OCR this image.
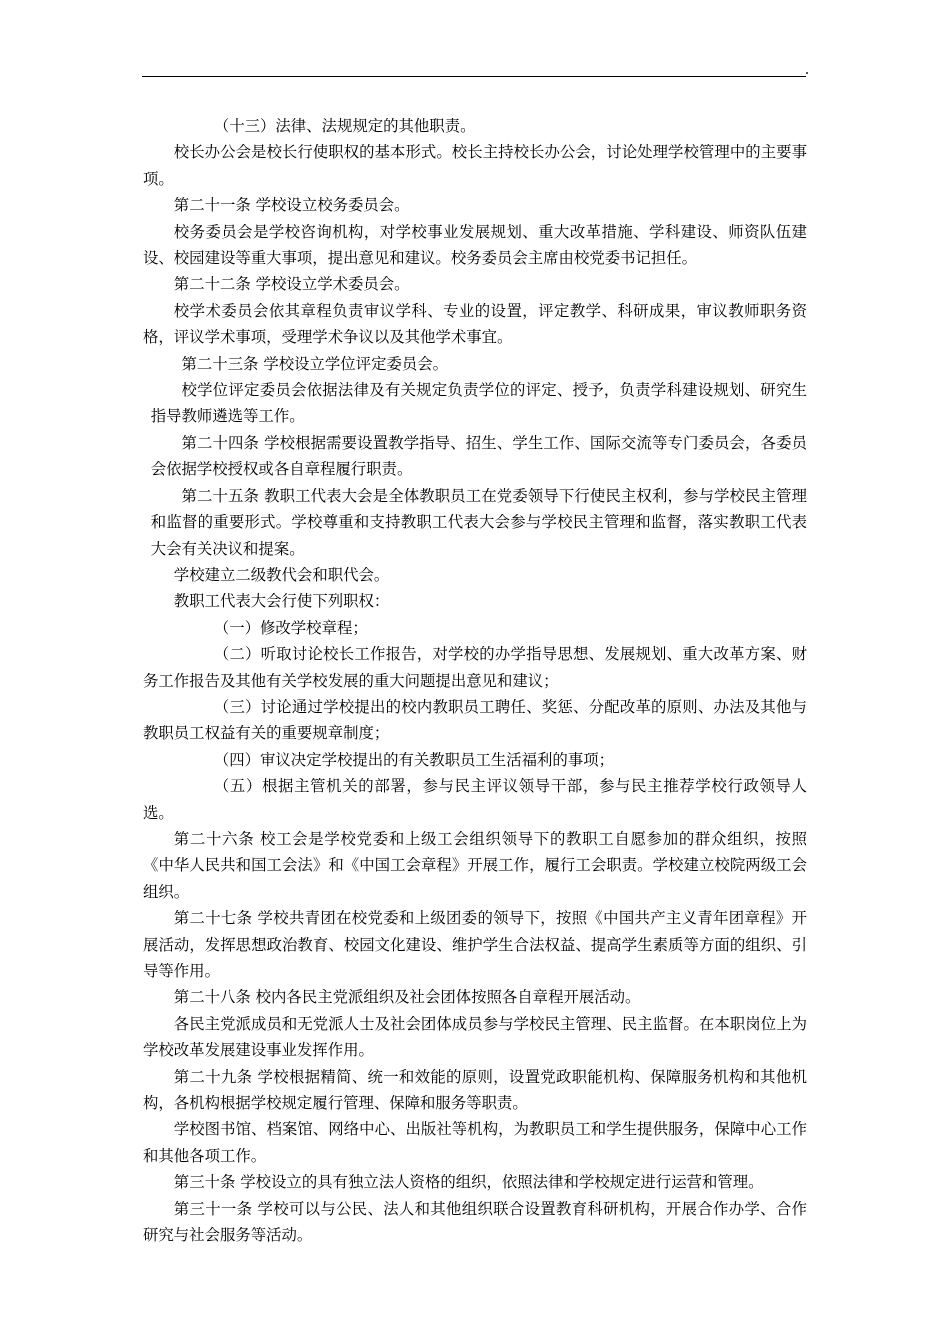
（十三）法律、法规规定的其他职责。

校长办公会是校长行使职权的基本形式。校长主持校长办公会，讨论处理学校管理中的主要事项。

第二十一条 学校设立校务委员会。

校务委员会是学校咨询机构，对学校事业发展规划、重大改革措施、学科建设、师资队伍建设、校园建设等重大事项，提出意见和建议。校务委员会主席由校党委书记担任。

第二十二条 学校设立学术委员会。

校学术委员会依其章程负责审议学科、专业的设置，评定教学、科研成果，审议教师职务资格，评议学术事项，受理学术争议以及其他学术事宜。

第二十三条 学校设立学位评定委员会。

校学位评定委员会依据法律及有关规定负责学位的评定、授予，负责学科建设规划、研究生指导教师遴选等工作。

第二十四条 学校根据需要设置教学指导、招生、学生工作、国际交流等专门委员会，各委员会依据学校授权或各自章程履行职责。

第二十五条 教职工代表大会是全体教职员工在党委领导下行使民主权利，参与学校民主管理和监督的重要形式。学校尊重和支持教职工代表大会参与学校民主管理和监督，落实教职工代表大会有关决议和提案。

学校建立二级教代会和职代会。

教职工代表大会行使下列职权：

（一）修改学校章程；

（二）听取讨论校长工作报告，对学校的办学指导思想、发展规划、重大改革方案、财务工作报告及其他有关学校发展的重大问题提出意见和建议；

（三）讨论通过学校提出的校内教职员工聘任、奖惩、分配改革的原则、办法及其他与教职员工权益有关的重要规章制度；

（四）审议决定学校提出的有关教职员工生活福利的事项；

（五）根据主管机关的部署，参与民主评议领导干部，参与民主推荐学校行政领导人选。

第二十六条 校工会是学校党委和上级工会组织领导下的教职工自愿参加的群众组织，按照《中华人民共和国工会法》和《中国工会章程》开展工作，履行工会职责。学校建立校院两级工会组织。

第二十七条 学校共青团在校党委和上级团委的领导下，按照《中国共产主义青年团章程》开展活动，发挥思想政治教育、校园文化建设、维护学生合法权益、提高学生素质等方面的组织、引导等作用。

第二十八条 校内各民主党派组织及社会团体按照各自章程开展活动。

各民主党派成员和无党派人士及社会团体成员参与学校民主管理、民主监督。在本职岗位上为学校改革发展建设事业发挥作用。

第二十九条 学校根据精简、统一和效能的原则，设置党政职能机构、保障服务机构和其他机构，各机构根据学校规定履行管理、保障和服务等职责。

学校图书馆、档案馆、网络中心、出版社等机构，为教职员工和学生提供服务，保障中心工作和其他各项工作。

第三十条 学校设立的具有独立法人资格的组织，依照法律和学校规定进行运营和管理。

第三十一条 学校可以与公民、法人和其他组织联合设置教育科研机构，开展合作办学、合作研究与社会服务等活动。
